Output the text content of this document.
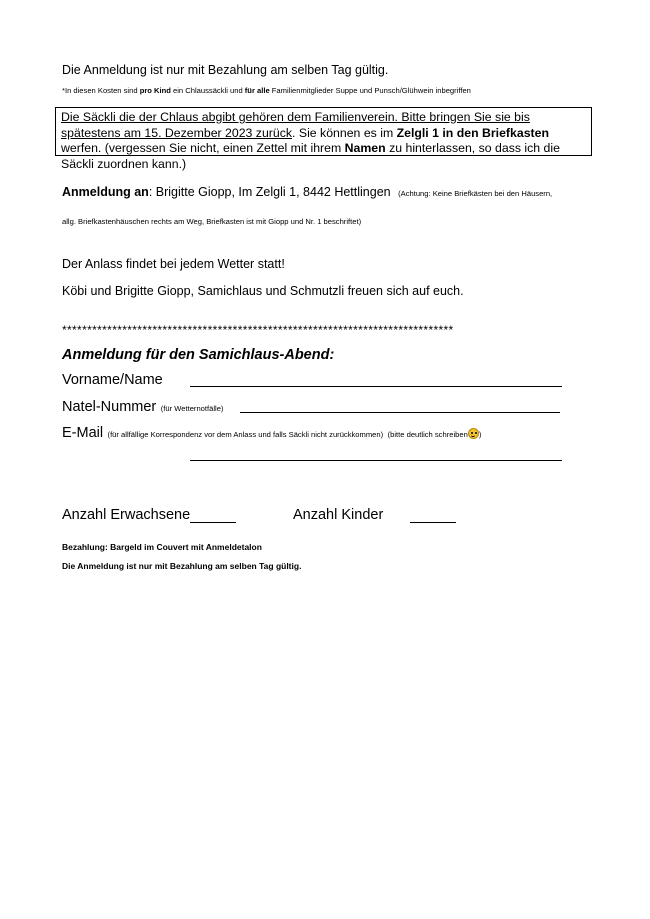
Die Anmeldung ist nur mit Bezahlung am selben Tag gültig.
*In diesen Kosten sind pro Kind ein Chlaussäckli und für alle Familienmitglieder Suppe und Punsch/Glühwein inbegriffen
Die Säckli die der Chlaus abgibt gehören dem Familienverein. Bitte bringen Sie sie bis spätestens am 15. Dezember 2023 zurück. Sie können es im Zelgli 1 in den Briefkasten werfen. (vergessen Sie nicht, einen Zettel mit ihrem Namen zu hinterlassen, so dass ich die Säckli zuordnen kann.)
Anmeldung an: Brigitte Giopp, Im Zelgli 1, 8442 Hettlingen (Achtung: Keine Briefkästen bei den Häusern,
allg. Briefkastenhäuschen rechts am Weg, Briefkasten ist mit Giopp und Nr. 1 beschriftet)
Der Anlass findet bei jedem Wetter statt!
Köbi und Brigitte Giopp, Samichlaus und Schmutzli freuen sich auf euch.
******************************************************************************
Anmeldung für den Samichlaus-Abend:
Vorname/Name
Natel-Nummer (für Wetternotfälle)
E-Mail (für allfällige Korrespondenz vor dem Anlass und falls Säckli nicht zurückkommen) (bitte deutlich schreiben )
Anzahl Erwachsene	Anzahl Kinder
Bezahlung: Bargeld im Couvert mit Anmeldetalon
Die Anmeldung ist nur mit Bezahlung am selben Tag gültig.
